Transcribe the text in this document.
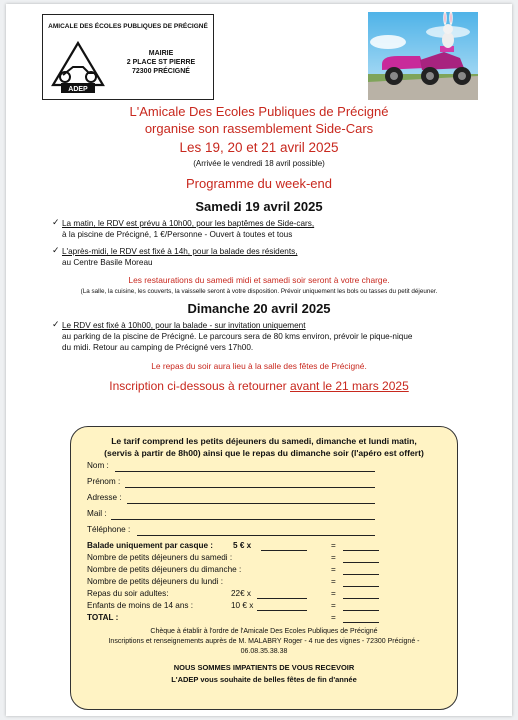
AMICALE DES ÉCOLES PUBLIQUES DE PRÉCIGNÉ
ADEP
MAIRIE
2 PLACE ST PIERRE
72300 PRÉCIGNÉ
L'Amicale Des Ecoles Publiques de Précigné
organise son rassemblement Side-Cars
Les 19, 20 et 21 avril 2025
(Arrivée le vendredi 18 avril possible)
Programme du week-end
Samedi 19 avril 2025
✓ La matin, le RDV est prévu à 10h00, pour les baptêmes de Side-cars,
à la piscine de Précigné, 1 €/Personne - Ouvert à toutes et tous
✓ L'après-midi, le RDV est fixé à 14h, pour la balade des résidents,
au Centre Basile Moreau
Les restaurations du samedi midi et samedi soir seront à votre charge.
(La salle, la cuisine, les couverts, la vaisselle seront à votre disposition. Prévoir uniquement les bols ou tasses du petit déjeuner.
Dimanche 20 avril 2025
✓ Le RDV est fixé à 10h00, pour la balade - sur invitation uniquement
au parking de la piscine de Précigné. Le parcours sera de 80 kms environ, prévoir le pique-nique
du midi. Retour au camping de Précigné vers 17h00.
Le repas du soir aura lieu à la salle des fêtes de Précigné.
Inscription ci-dessous à retourner avant le 21 mars 2025
Le tarif comprend les petits déjeuners du samedi, dimanche et lundi matin,
(servis à partir de 8h00) ainsi que le repas du dimanche soir (l'apéro est offert)
Nom :
Prénom :
Adresse :
Mail :
Téléphone :
Balade uniquement par casque : 5 € x	=
Nombre de petits déjeuners du samedi :	=
Nombre de petits déjeuners du dimanche :	=
Nombre de petits déjeuners du lundi :	=
Repas du soir adultes:	22€ x	=
Enfants de moins de 14 ans :	10 € x	=
TOTAL :	=
Chèque à établir à l'ordre de l'Amicale Des Ecoles Publiques de Précigné
Inscriptions et renseignements auprès de M. MALABRY Roger - 4 rue des vignes - 72300 Précigné -
06.08.35.38.38
NOUS SOMMES IMPATIENTS DE VOUS RECEVOIR
L'ADEP vous souhaite de belles fêtes de fin d'année
